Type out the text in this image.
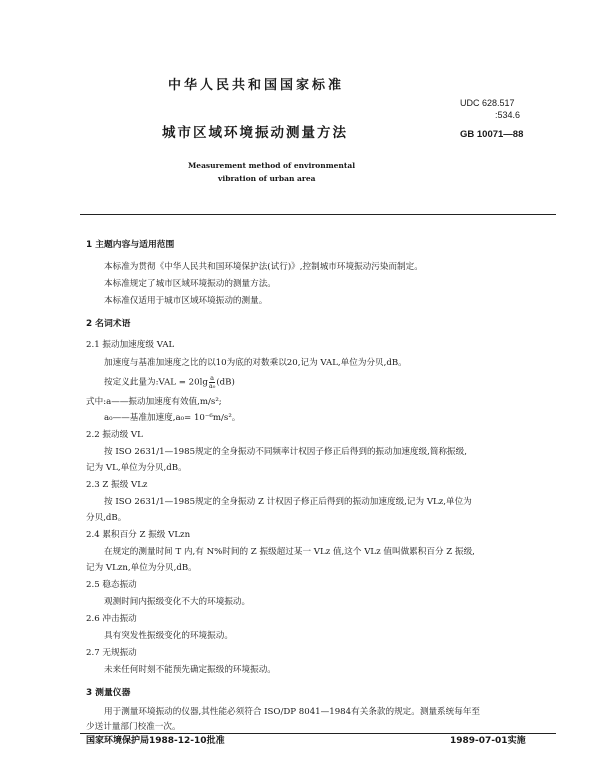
中华人民共和国国家标准
UDC 628.517
:534.6
城市区域环境振动测量方法	GB 10071—88
Measurement method of environmental
vibration of urban area
1 主题内容与适用范围
本标准为贯彻《中华人民共和国环境保护法(试行)》,控制城市环境振动污染而制定。
本标准规定了城市区域环境振动的测量方法。
本标准仅适用于城市区域环境振动的测量。
2 名词术语
2.1 振动加速度级 VAL
加速度与基准加速度之比的以10为底的对数乘以20,记为 VAL,单位为分贝,dB。
按定义此量为:VAL = $20\lg \frac{a}{\text{a₀}} (dB)$
式中:a——振动加速度有效值,m/s²;
a₀——基准加速度,a₀= 10⁻⁶m/s²。
2.2 振动级 VL
按 ISO 2631/1—1985规定的全身振动不同频率计权因子修正后得到的振动加速度级,简称振级,
记为 VL,单位为分贝,dB。
2.3 Z 振级 VLz
按 ISO 2631/1—1985规定的全身振动 Z 计权因子修正后得到的振动加速度级,记为 VLz,单位为
分贝,dB。
2.4 累积百分 Z 振级 VLzn
在规定的测量时间 T 内,有 N%时间的 Z 振级超过某一 VLz 值,这个 VLz 值叫做累积百分 Z 振级,
记为 VLzn,单位为分贝,dB。
2.5 稳态振动
观测时间内振级变化不大的环境振动。
2.6 冲击振动
具有突发性振级变化的环境振动。
2.7 无规振动
未来任何时刻不能预先确定振级的环境振动。
3 测量仪器
用于测量环境振动的仪器,其性能必须符合 ISO/DP 8041—1984有关条款的规定。测量系统每年至
少送计量部门校准一次。
国家环境保护局1988-12-10批准	1989-07-01实施
